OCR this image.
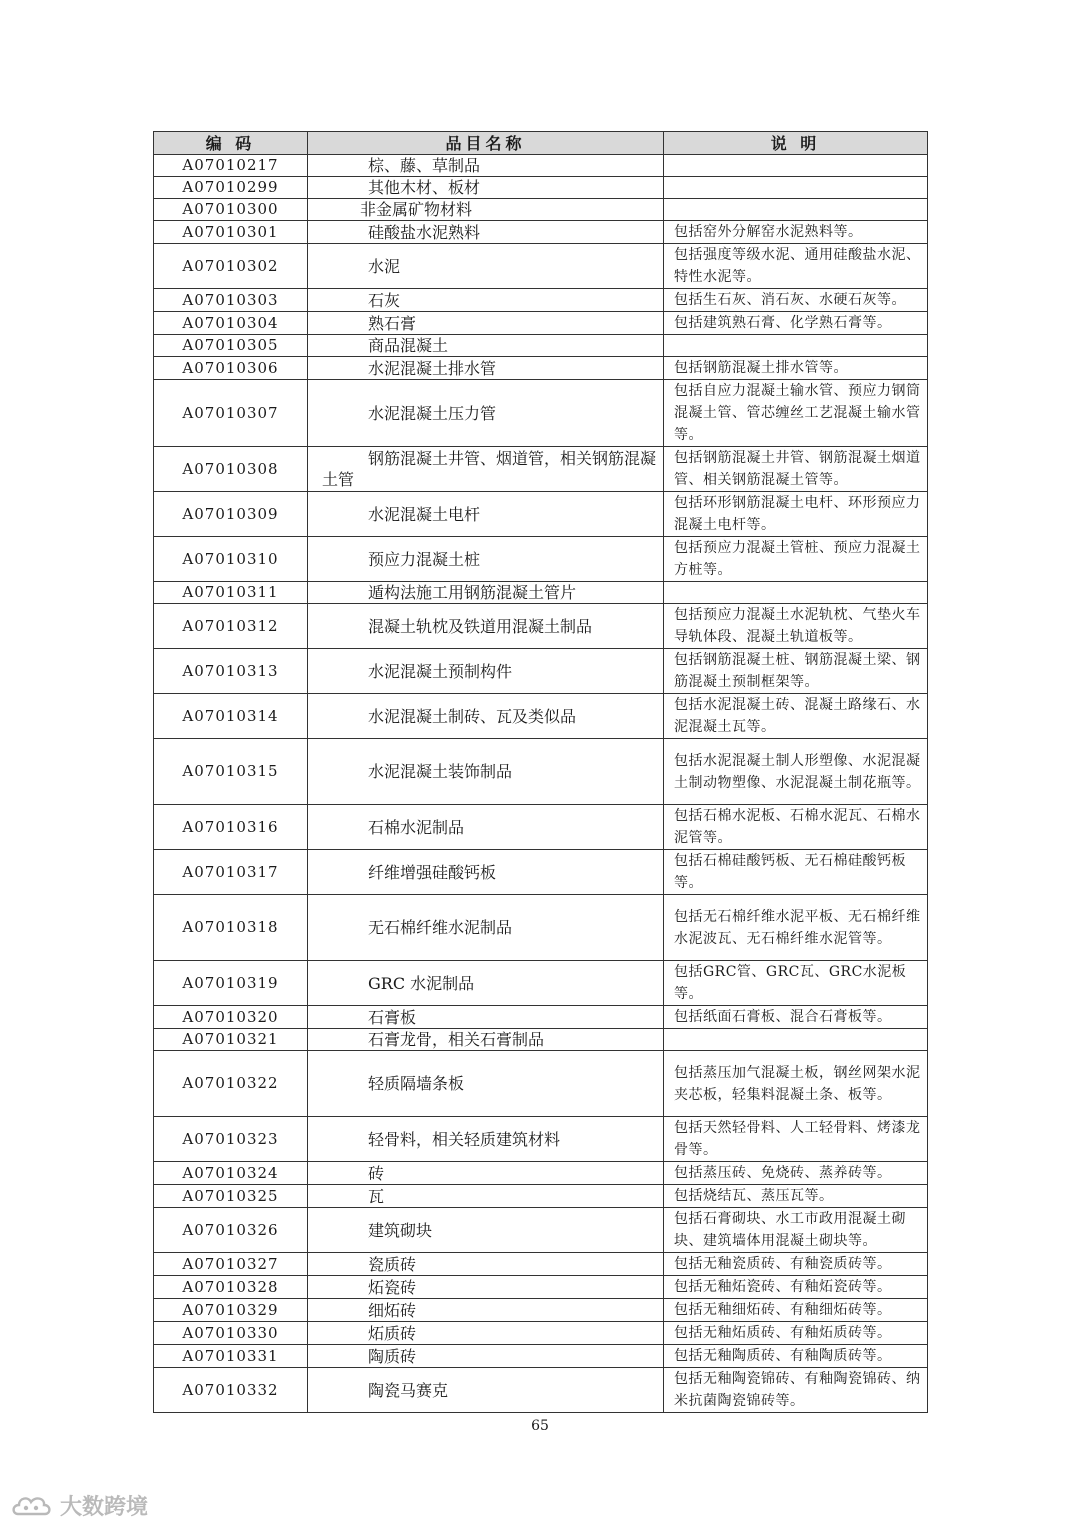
编 码	品目名称	说 明
A07010217	棕、藤、草制品	
A07010299	其他木材、板材	
A07010300	非金属矿物材料	
A07010301	硅酸盐水泥熟料	包括窑外分解窑水泥熟料等。
A07010302	水泥	包括强度等级水泥、通用硅酸盐水泥、特性水泥等。
A07010303	石灰	包括生石灰、消石灰、水硬石灰等。
A07010304	熟石膏	包括建筑熟石膏、化学熟石膏等。
A07010305	商品混凝土	
A07010306	水泥混凝土排水管	包括钢筋混凝土排水管等。
A07010307	水泥混凝土压力管	包括自应力混凝土输水管、预应力钢筒混凝土管、管芯缠丝工艺混凝土输水管等。
A07010308	钢筋混凝土井管、烟道管，相关钢筋混凝土管	包括钢筋混凝土井管、钢筋混凝土烟道管、相关钢筋混凝土管等。
A07010309	水泥混凝土电杆	包括环形钢筋混凝土电杆、环形预应力混凝土电杆等。
A07010310	预应力混凝土桩	包括预应力混凝土管桩、预应力混凝土方桩等。
A07010311	遁构法施工用钢筋混凝土管片	
A07010312	混凝土轨枕及铁道用混凝土制品	包括预应力混凝土水泥轨枕、气垫火车导轨体段、混凝土轨道板等。
A07010313	水泥混凝土预制构件	包括钢筋混凝土桩、钢筋混凝土梁、钢筋混凝土预制框架等。
A07010314	水泥混凝土制砖、瓦及类似品	包括水泥混凝土砖、混凝土路缘石、水泥混凝土瓦等。
A07010315	水泥混凝土装饰制品	包括水泥混凝土制人形塑像、水泥混凝土制动物塑像、水泥混凝土制花瓶等。
A07010316	石棉水泥制品	包括石棉水泥板、石棉水泥瓦、石棉水泥管等。
A07010317	纤维增强硅酸钙板	包括石棉硅酸钙板、无石棉硅酸钙板等。
A07010318	无石棉纤维水泥制品	包括无石棉纤维水泥平板、无石棉纤维水泥波瓦、无石棉纤维水泥管等。
A07010319	GRC 水泥制品	包括GRC管、GRC瓦、GRC水泥板等。
A07010320	石膏板	包括纸面石膏板、混合石膏板等。
A07010321	石膏龙骨，相关石膏制品	
A07010322	轻质隔墙条板	包括蒸压加气混凝土板，钢丝网架水泥夹芯板，轻集料混凝土条、板等。
A07010323	轻骨料，相关轻质建筑材料	包括天然轻骨料、人工轻骨料、烤漆龙骨等。
A07010324	砖	包括蒸压砖、免烧砖、蒸养砖等。
A07010325	瓦	包括烧结瓦、蒸压瓦等。
A07010326	建筑砌块	包括石膏砌块、水工市政用混凝土砌块、建筑墙体用混凝土砌块等。
A07010327	瓷质砖	包括无釉瓷质砖、有釉瓷质砖等。
A07010328	炻瓷砖	包括无釉炻瓷砖、有釉炻瓷砖等。
A07010329	细炻砖	包括无釉细炻砖、有釉细炻砖等。
A07010330	炻质砖	包括无釉炻质砖、有釉炻质砖等。
A07010331	陶质砖	包括无釉陶质砖、有釉陶质砖等。
A07010332	陶瓷马赛克	包括无釉陶瓷锦砖、有釉陶瓷锦砖、纳米抗菌陶瓷锦砖等。
65
大数跨境
